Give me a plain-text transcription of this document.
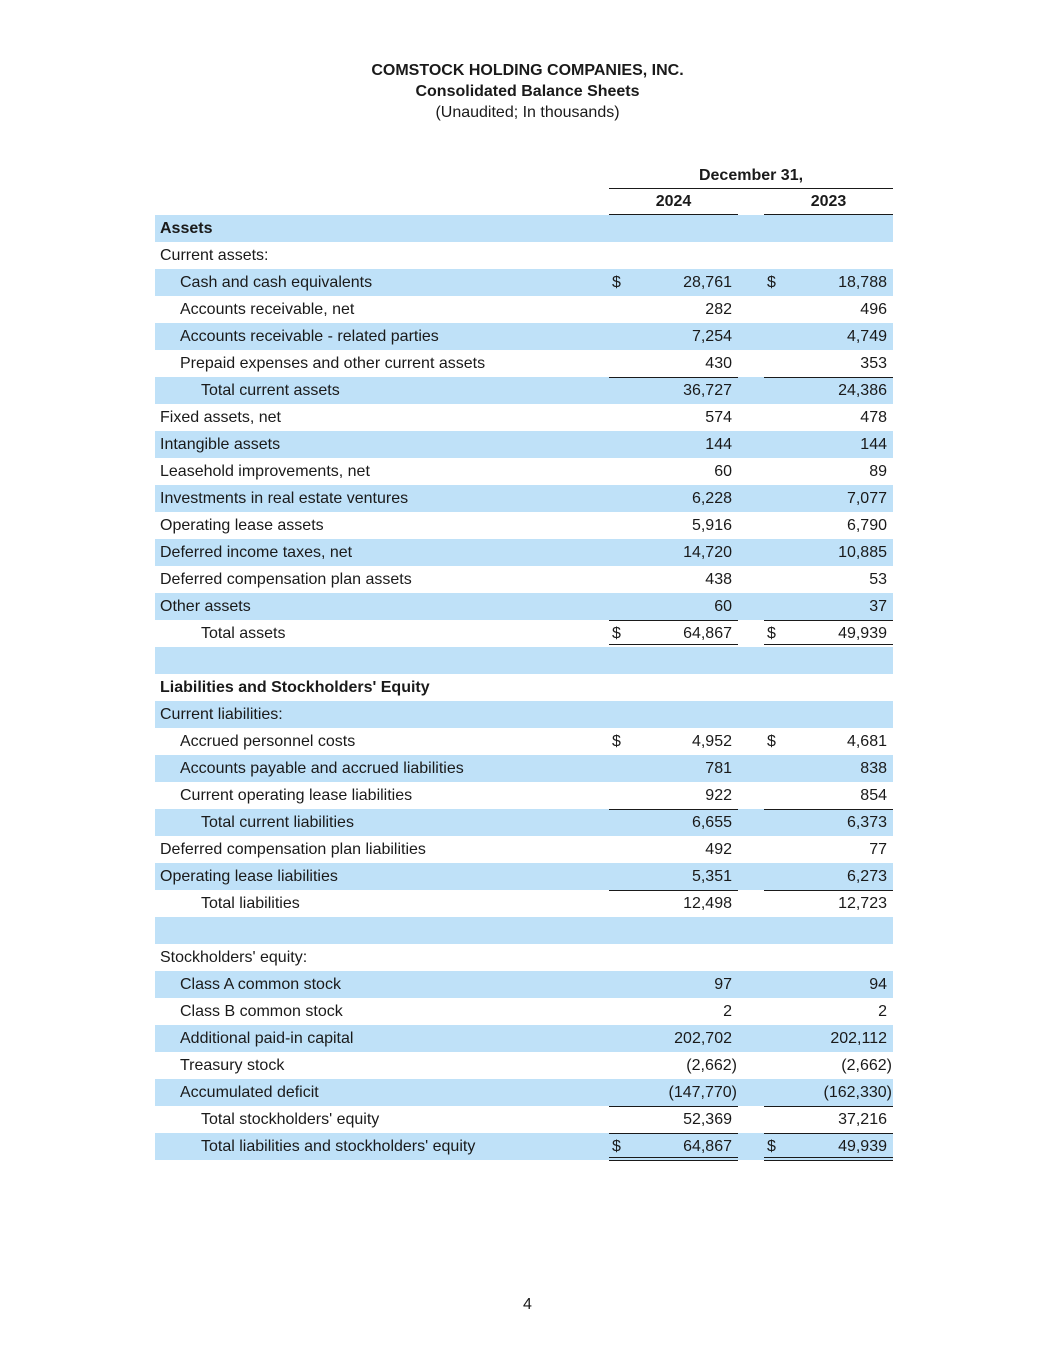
COMSTOCK HOLDING COMPANIES, INC.
Consolidated Balance Sheets
(Unaudited; In thousands)
December 31,
2024	2023
Assets
Current assets:
Cash and cash equivalents	$	28,761 $	18,788
Accounts receivable, net	282	496
Accounts receivable - related parties	7,254	4,749
Prepaid expenses and other current assets	430	353
Total current assets	36,727	24,386
Fixed assets, net	574	478
Intangible assets	144	144
Leasehold improvements, net	60	89
Investments in real estate ventures	6,228	7,077
Operating lease assets	5,916	6,790
Deferred income taxes, net	14,720	10,885
Deferred compensation plan assets	438	53
Other assets	60	37
Total assets	$	64,867 $	49,939
Liabilities and Stockholders' Equity
Current liabilities:
Accrued personnel costs	$	4,952 $	4,681
Accounts payable and accrued liabilities	781	838
Current operating lease liabilities	922	854
Total current liabilities	6,655	6,373
Deferred compensation plan liabilities	492	77
Operating lease liabilities	5,351	6,273
Total liabilities	12,498	12,723
Stockholders' equity:
Class A common stock	97	94
Class B common stock	2	2
Additional paid-in capital	202,702	202,112
Treasury stock	(2,662)	(2,662)
Accumulated deficit	(147,770)	(162,330)
Total stockholders' equity	52,369	37,216
Total liabilities and stockholders' equity	$	64,867 $	49,939
4
